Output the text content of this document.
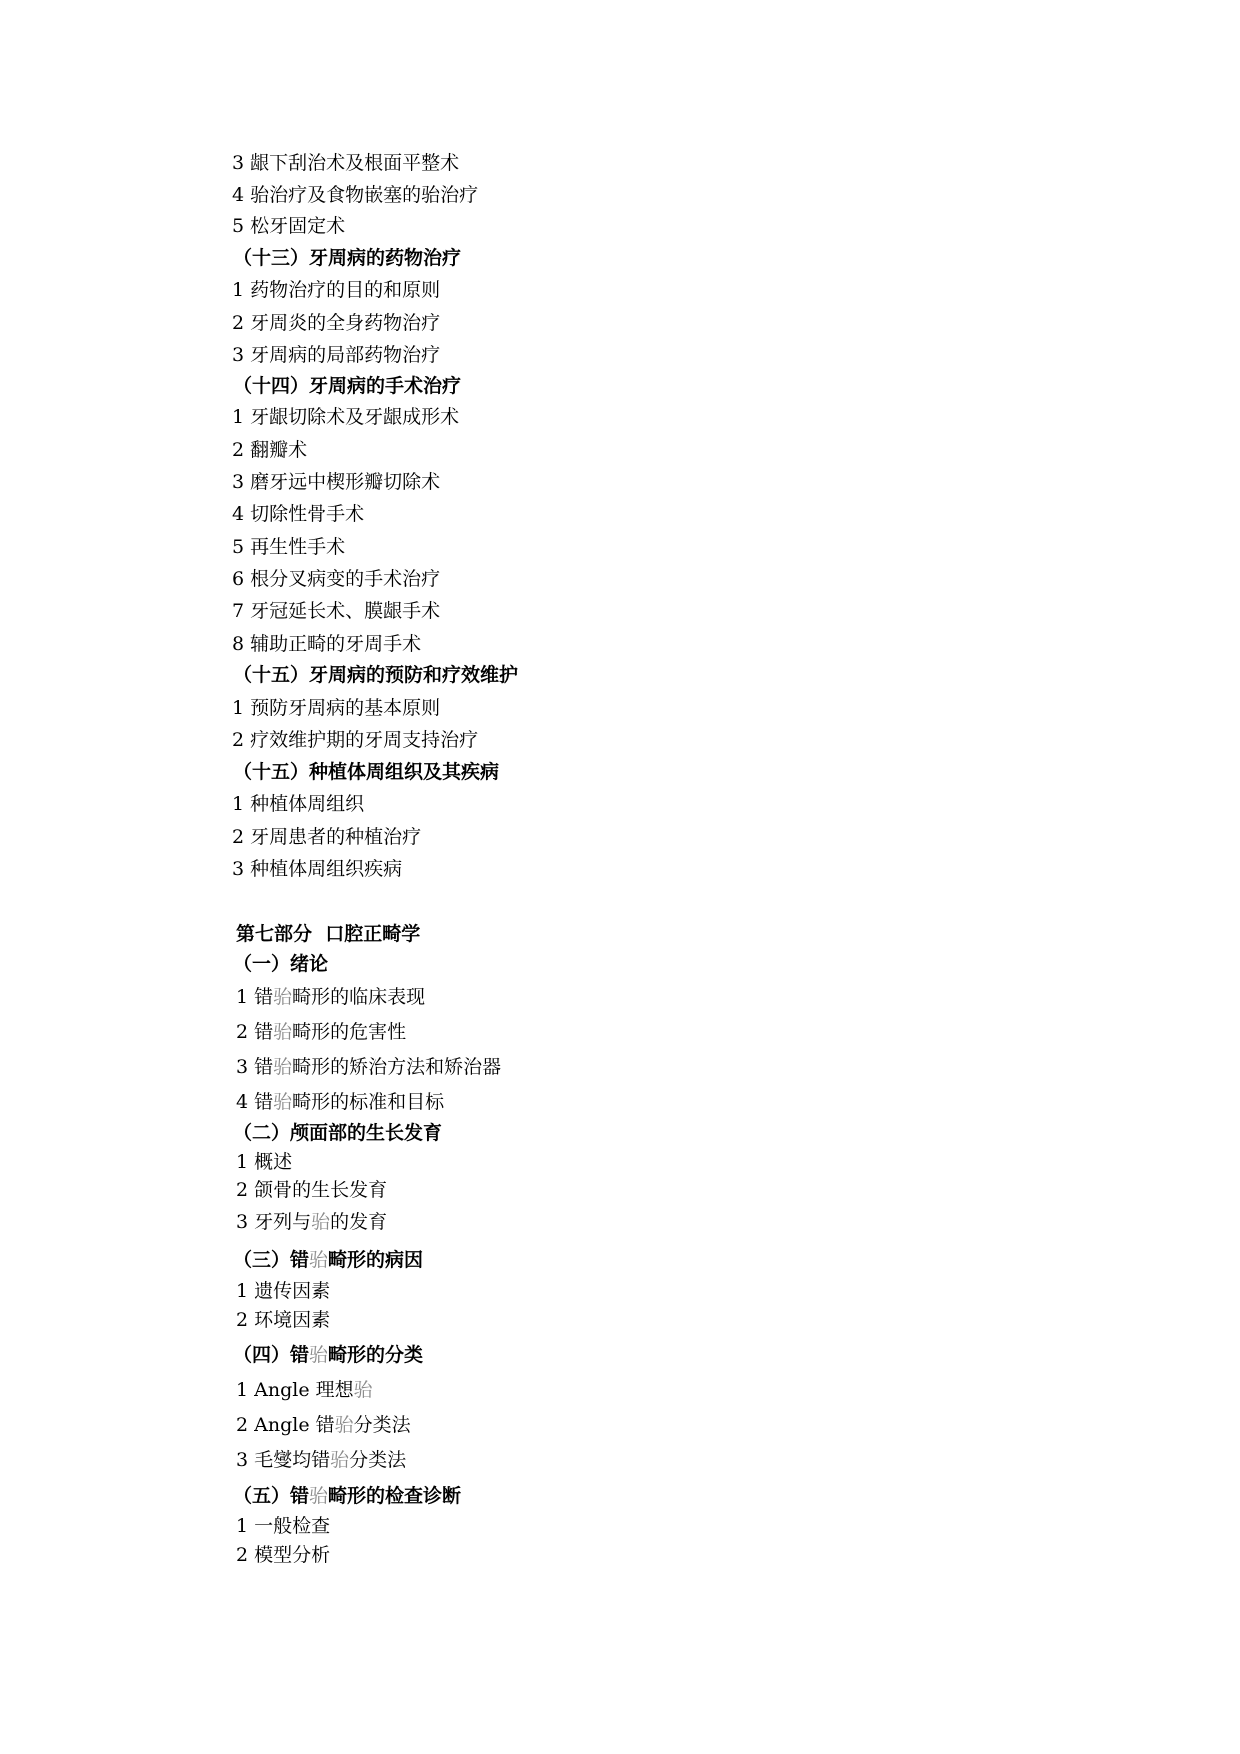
3 龈下刮治术及根面平整术
4 骀治疗及食物嵌塞的骀治疗
5 松牙固定术
（十三）牙周病的药物治疗
1 药物治疗的目的和原则
2 牙周炎的全身药物治疗
3 牙周病的局部药物治疗
（十四）牙周病的手术治疗
1 牙龈切除术及牙龈成形术
2 翻瓣术
3 磨牙远中楔形瓣切除术
4 切除性骨手术
5 再生性手术
6 根分叉病变的手术治疗
7 牙冠延长术、膜龈手术
8 辅助正畸的牙周手术
（十五）牙周病的预防和疗效维护
1 预防牙周病的基本原则
2 疗效维护期的牙周支持治疗
（十五）种植体周组织及其疾病
1 种植体周组织
2 牙周患者的种植治疗
3 种植体周组织疾病
第七部分  口腔正畸学
（一）绪论
1 错骀畸形的临床表现
2 错骀畸形的危害性
3 错骀畸形的矫治方法和矫治器
4 错骀畸形的标准和目标
（二）颅面部的生长发育
1 概述
2 颌骨的生长发育
3 牙列与骀的发育
（三）错骀畸形的病因
1 遗传因素
2 环境因素
（四）错骀畸形的分类
1 Angle 理想骀
2 Angle 错骀分类法
3 毛燮均错骀分类法
（五）错骀畸形的检查诊断
1 一般检查
2 模型分析
